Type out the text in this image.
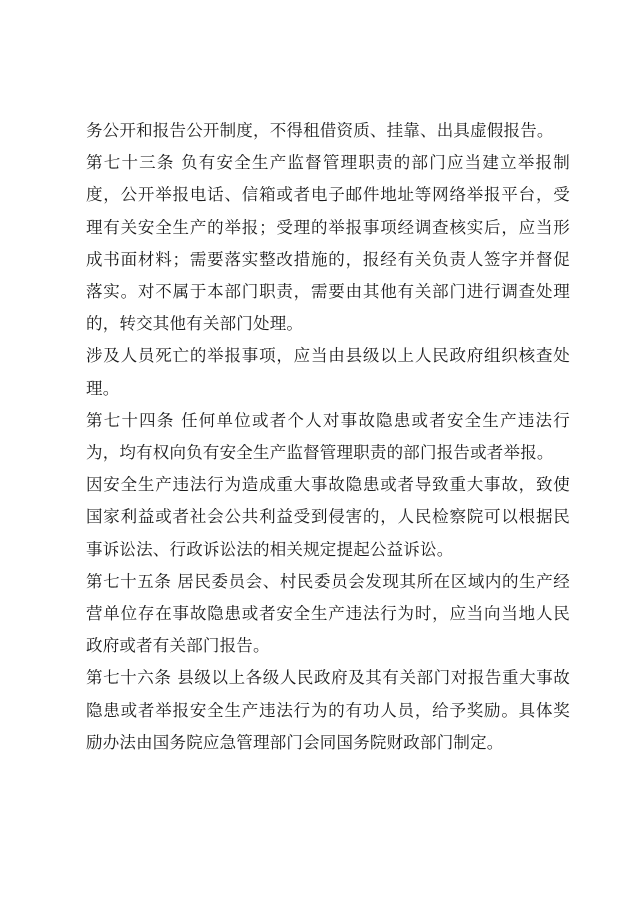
务公开和报告公开制度，不得租借资质、挂靠、出具虚假报告。

第七十三条 负有安全生产监督管理职责的部门应当建立举报制度，公开举报电话、信箱或者电子邮件地址等网络举报平台，受理有关安全生产的举报；受理的举报事项经调查核实后，应当形成书面材料；需要落实整改措施的，报经有关负责人签字并督促落实。对不属于本部门职责，需要由其他有关部门进行调查处理的，转交其他有关部门处理。

涉及人员死亡的举报事项，应当由县级以上人民政府组织核查处理。

第七十四条 任何单位或者个人对事故隐患或者安全生产违法行为，均有权向负有安全生产监督管理职责的部门报告或者举报。

因安全生产违法行为造成重大事故隐患或者导致重大事故，致使国家利益或者社会公共利益受到侵害的，人民检察院可以根据民事诉讼法、行政诉讼法的相关规定提起公益诉讼。

第七十五条 居民委员会、村民委员会发现其所在区域内的生产经营单位存在事故隐患或者安全生产违法行为时，应当向当地人民政府或者有关部门报告。

第七十六条 县级以上各级人民政府及其有关部门对报告重大事故隐患或者举报安全生产违法行为的有功人员，给予奖励。具体奖励办法由国务院应急管理部门会同国务院财政部门制定。
